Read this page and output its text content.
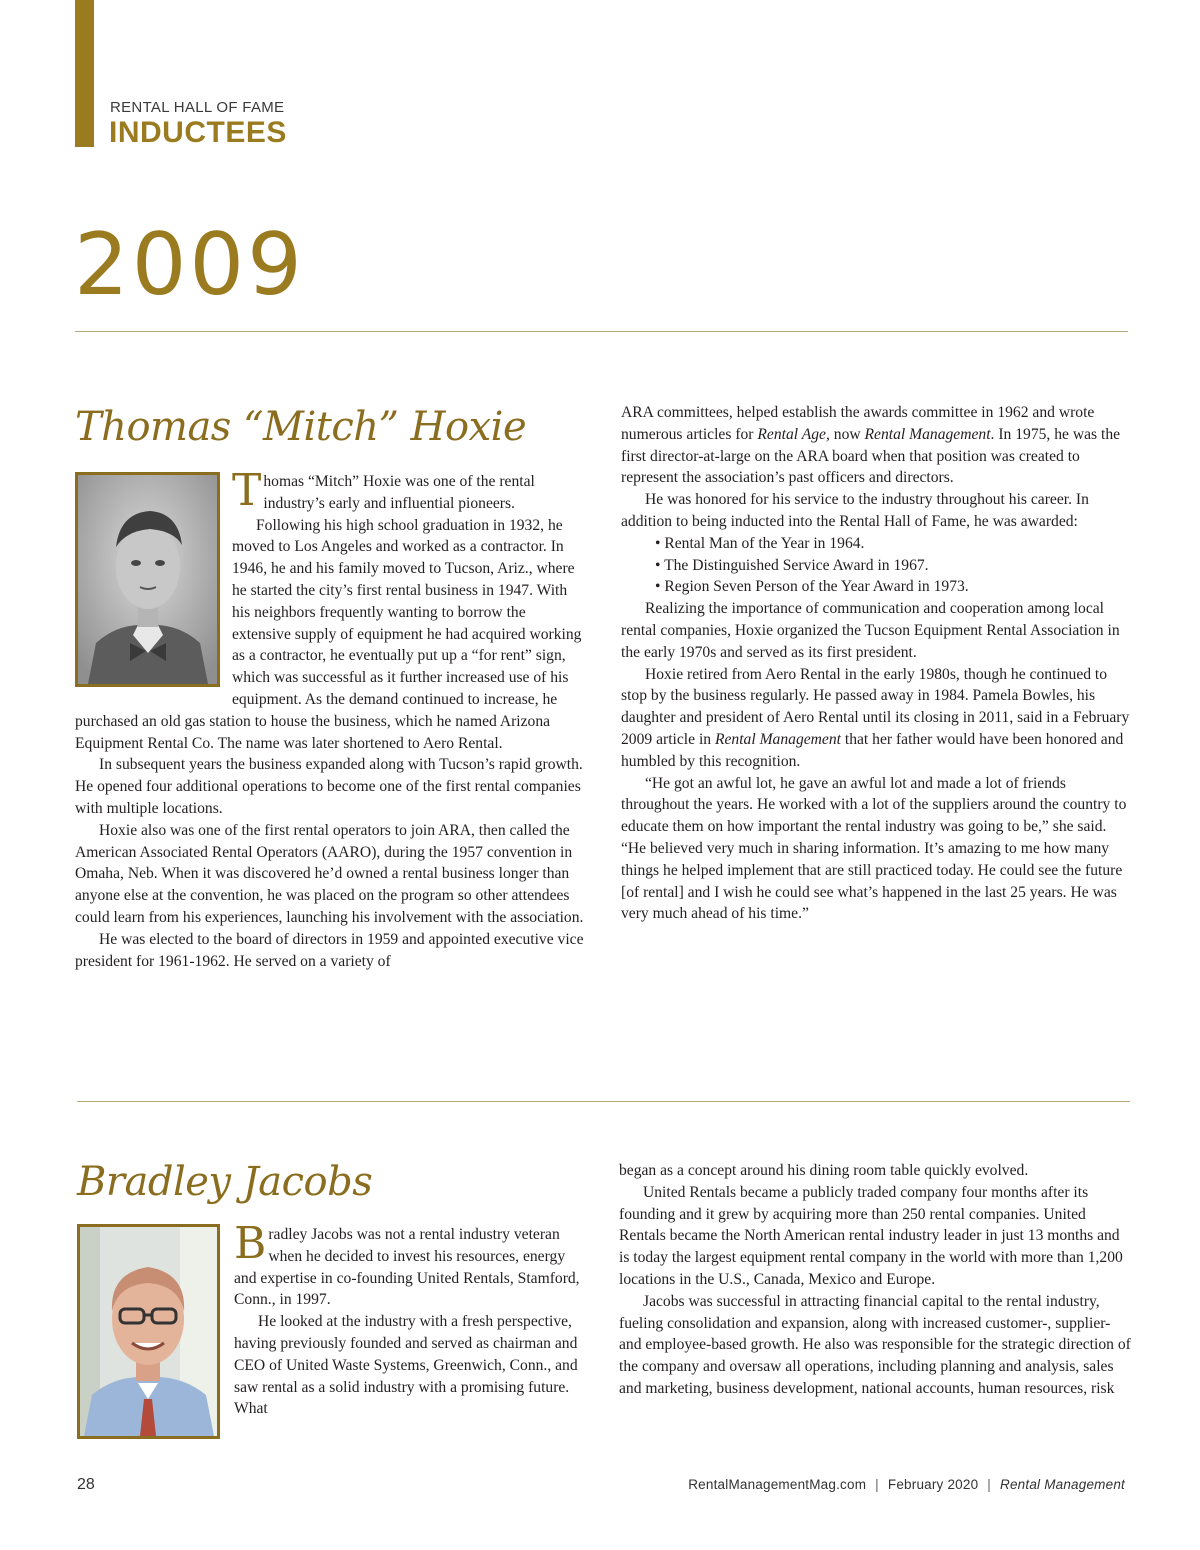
RENTAL HALL OF FAME
INDUCTEES
2009
Thomas “Mitch” Hoxie

Thomas “Mitch” Hoxie was one of the rental industry’s early and influential pioneers.

Following his high school graduation in 1932, he moved to Los Angeles and worked as a contractor. In 1946, he and his family moved to Tucson, Ariz., where he started the city’s first rental business in 1947. With his neighbors frequently wanting to borrow the extensive supply of equipment he had acquired working as a contractor, he eventually put up a “for rent” sign, which was successful as it further increased use of his equipment. As the demand continued to increase, he purchased an old gas station to house the business, which he named Arizona Equipment Rental Co. The name was later shortened to Aero Rental.

In subsequent years the business expanded along with Tucson’s rapid growth. He opened four additional operations to become one of the first rental companies with multiple locations.

Hoxie also was one of the first rental operators to join ARA, then called the American Associated Rental Operators (AARO), during the 1957 convention in Omaha, Neb. When it was discovered he’d owned a rental business longer than anyone else at the convention, he was placed on the program so other attendees could learn from his experiences, launching his involvement with the association.

He was elected to the board of directors in 1959 and appointed executive vice president for 1961-1962. He served on a variety of

ARA committees, helped establish the awards committee in 1962 and wrote numerous articles for Rental Age, now Rental Management. In 1975, he was the first director-at-large on the ARA board when that position was created to represent the association’s past officers and directors.

He was honored for his service to the industry throughout his career. In addition to being inducted into the Rental Hall of Fame, he was awarded:

• Rental Man of the Year in 1964.

• The Distinguished Service Award in 1967.

• Region Seven Person of the Year Award in 1973.

Realizing the importance of communication and cooperation among local rental companies, Hoxie organized the Tucson Equipment Rental Association in the early 1970s and served as its first president.

Hoxie retired from Aero Rental in the early 1980s, though he continued to stop by the business regularly. He passed away in 1984. Pamela Bowles, his daughter and president of Aero Rental until its closing in 2011, said in a February 2009 article in Rental Management that her father would have been honored and humbled by this recognition.

“He got an awful lot, he gave an awful lot and made a lot of friends throughout the years. He worked with a lot of the suppliers around the country to educate them on how important the rental industry was going to be,” she said. “He believed very much in sharing information. It’s amazing to me how many things he helped implement that are still practiced today. He could see the future [of rental] and I wish he could see what’s happened in the last 25 years. He was very much ahead of his time.”

Bradley Jacobs

Bradley Jacobs was not a rental industry veteran when he decided to invest his resources, energy and expertise in co-founding United Rentals, Stamford, Conn., in 1997.

He looked at the industry with a fresh perspective, having previously founded and served as chairman and CEO of United Waste Systems, Greenwich, Conn., and saw rental as a solid industry with a promising future. What

began as a concept around his dining room table quickly evolved.

United Rentals became a publicly traded company four months after its founding and it grew by acquiring more than 250 rental companies. United Rentals became the North American rental industry leader in just 13 months and is today the largest equipment rental company in the world with more than 1,200 locations in the U.S., Canada, Mexico and Europe.

Jacobs was successful in attracting financial capital to the rental industry, fueling consolidation and expansion, along with increased customer-, supplier- and employee-based growth. He also was responsible for the strategic direction of the company and oversaw all operations, including planning and analysis, sales and marketing, business development, national accounts, human resources, risk

28	RentalManagementMag.com | February 2020 | Rental Management
